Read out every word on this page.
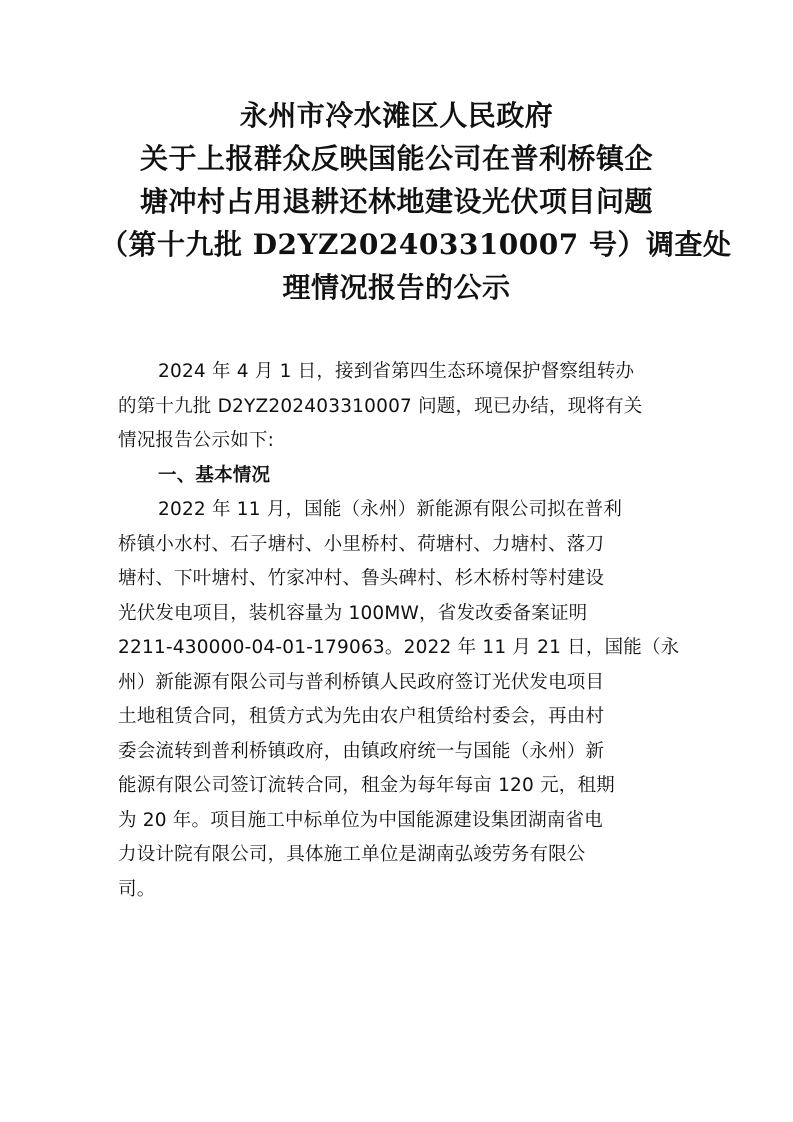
永州市冷水滩区人民政府
关于上报群众反映国能公司在普利桥镇企
塘冲村占用退耕还林地建设光伏项目问题
（第十九批 D2YZ202403310007 号）调查处
理情况报告的公示
2024 年 4 月 1 日，接到省第四生态环境保护督察组转办
的第十九批 D2YZ202403310007 问题，现已办结，现将有关
情况报告公示如下:
一、基本情况
2022 年 11 月，国能（永州）新能源有限公司拟在普利
桥镇小水村、石子塘村、小里桥村、荷塘村、力塘村、落刀
塘村、下叶塘村、竹家冲村、鲁头碑村、杉木桥村等村建设
光伏发电项目，装机容量为 100MW，省发改委备案证明
2211-430000-04-01-179063。2022 年 11 月 21 日，国能（永
州）新能源有限公司与普利桥镇人民政府签订光伏发电项目
土地租赁合同，租赁方式为先由农户租赁给村委会，再由村
委会流转到普利桥镇政府，由镇政府统一与国能（永州）新
能源有限公司签订流转合同，租金为每年每亩 120 元，租期
为 20 年。项目施工中标单位为中国能源建设集团湖南省电
力设计院有限公司，具体施工单位是湖南弘竣劳务有限公
司。
